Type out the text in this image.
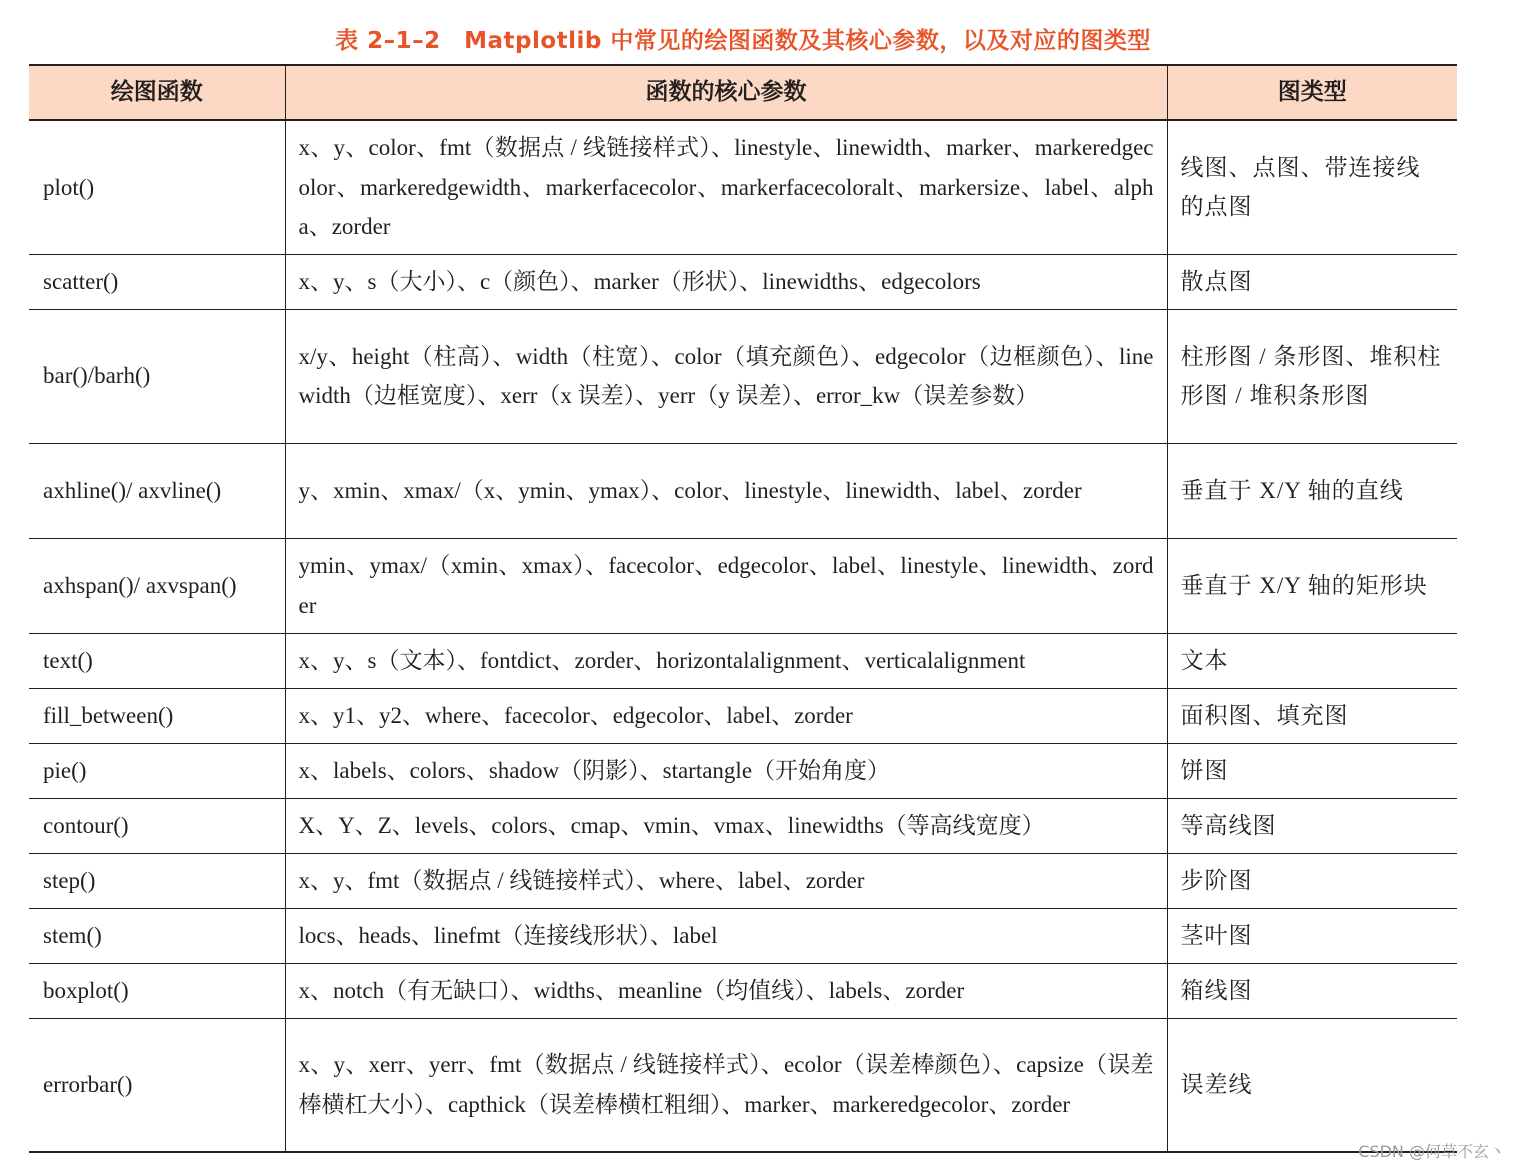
表 2–1–2　Matplotlib 中常见的绘图函数及其核心参数，以及对应的图类型
绘图函数	函数的核心参数	图类型
plot()	x、y、color、fmt（数据点 / 线链接样式）、linestyle、linewidth、marker、markeredgecolor、markeredgewidth、markerfacecolor、markerfacecoloralt、markersize、label、alpha、zorder	线图、点图、带连接线的点图
scatter()	x、y、s（大小）、c（颜色）、marker（形状）、linewidths、edgecolors	散点图
bar()/barh()	x/y、height（柱高）、width（柱宽）、color（填充颜色）、edgecolor（边框颜色）、linewidth（边框宽度）、xerr（x 误差）、yerr（y 误差）、error_kw（误差参数）	柱形图 / 条形图、堆积柱形图 / 堆积条形图
axhline()/ axvline()	y、xmin、xmax/（x、ymin、ymax）、color、linestyle、linewidth、label、zorder	垂直于 X/Y 轴的直线
axhspan()/ axvspan()	ymin、ymax/（xmin、xmax）、facecolor、edgecolor、label、linestyle、linewidth、zorder	垂直于 X/Y 轴的矩形块
text()	x、y、s（文本）、fontdict、zorder、horizontalalignment、verticalalignment	文本
fill_between()	x、y1、y2、where、facecolor、edgecolor、label、zorder	面积图、填充图
pie()	x、labels、colors、shadow（阴影）、startangle（开始角度）	饼图
contour()	X、Y、Z、levels、colors、cmap、vmin、vmax、linewidths（等高线宽度）	等高线图
step()	x、y、fmt（数据点 / 线链接样式）、where、label、zorder	步阶图
stem()	locs、heads、linefmt（连接线形状）、label	茎叶图
boxplot()	x、notch（有无缺口）、widths、meanline（均值线）、labels、zorder	箱线图
errorbar()	x、y、xerr、yerr、fmt（数据点 / 线链接样式）、ecolor（误差棒颜色）、capsize（误差棒横杠大小）、capthick（误差棒横杠粗细）、marker、markeredgecolor、zorder	误差线
CSDN @何草不玄丶
